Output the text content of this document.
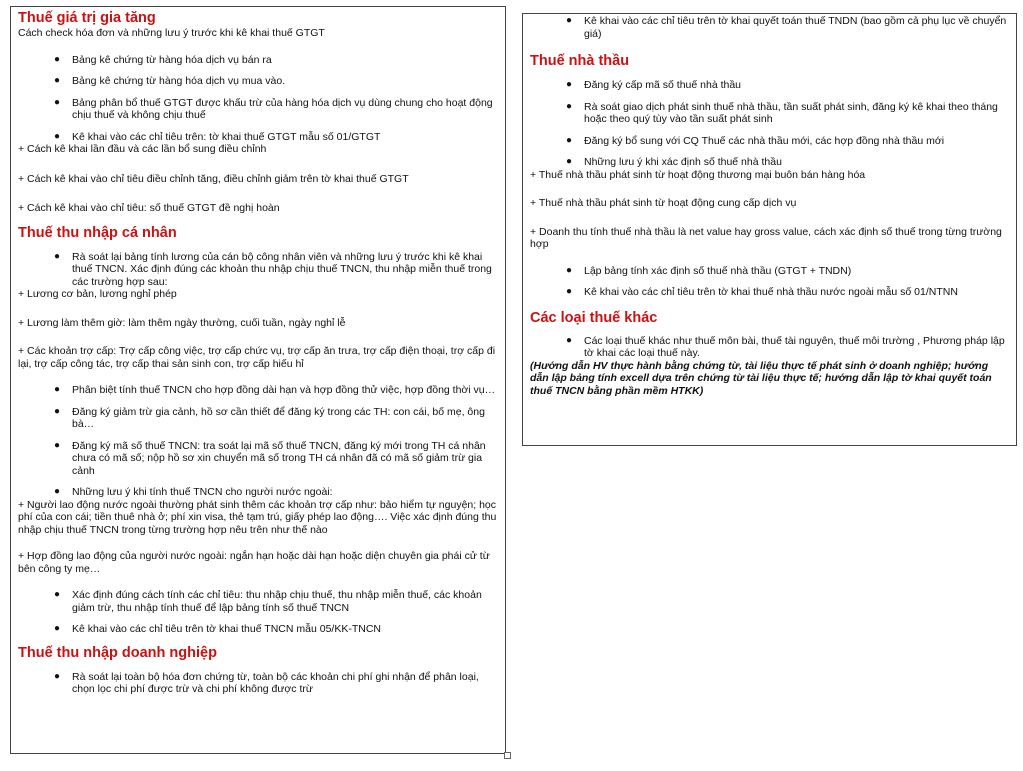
Thuế giá trị gia tăng

Cách check hóa đơn và những lưu ý trước khi kê khai thuế GTGT

● Bảng kê chứng từ hàng hóa dịch vụ bán ra
● Bảng kê chứng từ hàng hóa dịch vụ mua vào.
● Bảng phân bổ thuế GTGT được khấu trừ của hàng hóa dịch vụ dùng chung cho hoạt động chịu thuế và không chịu thuế
● Kê khai vào các chỉ tiêu trên: tờ khai thuế GTGT mẫu số 01/GTGT

+ Cách kê khai lần đầu và các lần bổ sung điều chỉnh

+ Cách kê khai vào chỉ tiêu điều chỉnh tăng, điều chỉnh giảm trên tờ khai thuế GTGT

+ Cách kê khai vào chỉ tiêu: số thuế GTGT đề nghị hoàn

Thuế thu nhập cá nhân
● Rà soát lại bảng tính lương của cán bộ công nhân viên và những lưu ý trước khi kê khai thuế TNCN. Xác định đúng các khoản thu nhập chịu thuế TNCN, thu nhập miễn thuế trong các trường hợp sau:

+ Lương cơ bản, lương nghỉ phép

+ Lương làm thêm giờ: làm thêm ngày thường, cuối tuần, ngày nghỉ lễ

+ Các khoản trợ cấp: Trợ cấp công việc, trợ cấp chức vụ, trợ cấp ăn trưa, trợ cấp điện thoại, trợ cấp đi lại, trợ cấp công tác, trợ cấp thai sản sinh con, trợ cấp hiếu hỉ

● Phân biệt tính thuế TNCN cho hợp đồng dài hạn và hợp đồng thử việc, hợp đồng thời vụ…
● Đăng ký giảm trừ gia cảnh, hồ sơ cần thiết để đăng ký trong các TH: con cái, bố mẹ, ông bà…
● Đăng ký mã số thuế TNCN: tra soát lại mã số thuế TNCN, đăng ký mới trong TH cá nhân chưa có mã số; nộp hồ sơ xin chuyển mã số trong TH cá nhân đã có mã số giảm trừ gia cảnh
● Những lưu ý khi tính thuế TNCN cho người nước ngoài:

+ Người lao động nước ngoài thường phát sinh thêm các khoản trợ cấp như: bảo hiểm tự nguyện; học phí của con cái; tiền thuê nhà ở; phí xin visa, thẻ tạm trú, giấy phép lao động…. Việc xác định đúng thu nhập chịu thuế TNCN trong từng trường hợp nêu trên như thế nào

+ Hợp đồng lao động của người nước ngoài: ngắn hạn hoặc dài hạn hoặc diện chuyên gia phái cử từ bên công ty mẹ…

● Xác định đúng cách tính các chỉ tiêu: thu nhập chịu thuế, thu nhập miễn thuế, các khoản giảm trừ, thu nhập tính thuế để lập bảng tính số thuế TNCN
● Kê khai vào các chỉ tiêu trên tờ khai thuế TNCN mẫu 05/KK-TNCN
Thuế thu nhập doanh nghiệp
● Rà soát lại toàn bộ hóa đơn chứng từ, toàn bộ các khoản chi phí ghi nhận để phân loại, chọn lọc chi phí được trừ và chi phí không được trừ
● Kê khai vào các chỉ tiêu trên tờ khai quyết toán thuế TNDN (bao gồm cả phụ lục về chuyển giá)
Thuế nhà thầu
● Đăng ký cấp mã số thuế nhà thầu
● Rà soát giao dịch phát sinh thuế nhà thầu, tần suất phát sinh, đăng ký kê khai theo tháng hoặc theo quý tùy vào tần suất phát sinh
● Đăng ký bổ sung với CQ Thuế các nhà thầu mới, các hợp đồng nhà thầu mới
● Những lưu ý khi xác định số thuế nhà thầu

+ Thuế nhà thầu phát sinh từ hoạt động thương mại buôn bán hàng hóa

+ Thuế nhà thầu phát sinh từ hoạt động cung cấp dịch vụ

+ Doanh thu tính thuế nhà thầu là net value hay gross value, cách xác định số thuế trong từng trường hợp

● Lập bảng tính xác định số thuế nhà thầu (GTGT + TNDN)
● Kê khai vào các chỉ tiêu trên tờ khai thuế nhà thầu nước ngoài mẫu số 01/NTNN
Các loại thuế khác
● Các loại thuế khác như thuế môn bài, thuế tài nguyên, thuế môi trường , Phương pháp lập tờ khai các loại thuế này.

(Hướng dẫn HV thực hành bằng chứng từ, tài liệu thực tế phát sinh ở doanh nghiệp; hướng dẫn lập bảng tính excell dựa trên chứng từ tài liệu thực tế; hướng dẫn lập tờ khai quyết toán thuế TNCN bằng phần mềm HTKK)
